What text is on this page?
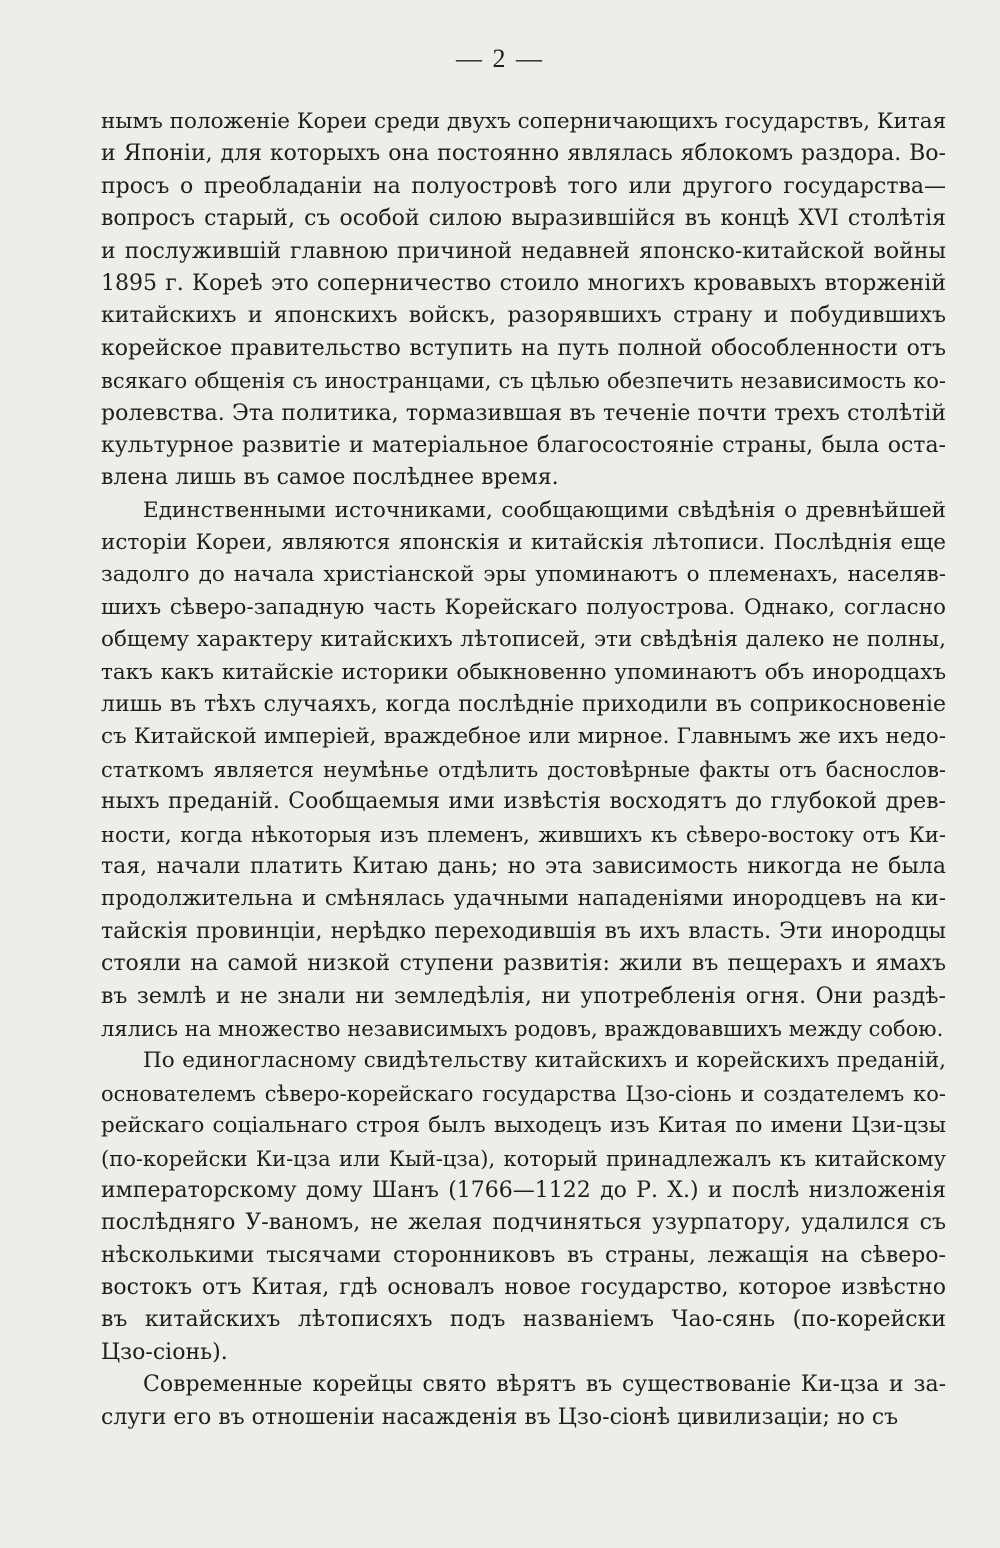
— 2 —
нымъ положеніе Кореи среди двухъ соперничающихъ государствъ, Китая
и Японіи, для которыхъ она постоянно являлась яблокомъ раздора. Во-
просъ о преобладаніи на полуостровѣ того или другого государства—
вопросъ старый, съ особой силою выразившійся въ концѣ XVI столѣтія
и послужившій главною причиной недавней японско-китайской войны
1895 г. Кореѣ это соперничество стоило многихъ кровавыхъ вторженій
китайскихъ и японскихъ войскъ, разорявшихъ страну и побудившихъ
корейское правительство вступить на путь полной обособленности отъ
всякаго общенія съ иностранцами, съ цѣлью обезпечить независимость ко-
ролевства. Эта политика, тормазившая въ теченіе почти трехъ столѣтій
культурное развитіе и матеріальное благосостояніе страны, была оста-
влена лишь въ самое послѣднее время.
Единственными источниками, сообщающими свѣдѣнія о древнѣйшей
исторіи Кореи, являются японскія и китайскія лѣтописи. Послѣднія еще
задолго до начала христіанской эры упоминаютъ о племенахъ, населяв-
шихъ сѣверо-западную часть Корейскаго полуострова. Однако, согласно
общему характеру китайскихъ лѣтописей, эти свѣдѣнія далеко не полны,
такъ какъ китайскіе историки обыкновенно упоминаютъ объ инородцахъ
лишь въ тѣхъ случаяхъ, когда послѣдніе приходили въ соприкосновеніе
съ Китайской имперіей, враждебное или мирное. Главнымъ же ихъ недо-
статкомъ является неумѣнье отдѣлить достовѣрные факты отъ баснослов-
ныхъ преданій. Сообщаемыя ими извѣстія восходятъ до глубокой древ-
ности, когда нѣкоторыя изъ племенъ, жившихъ къ сѣверо-востоку отъ Ки-
тая, начали платить Китаю дань; но эта зависимость никогда не была
продолжительна и смѣнялась удачными нападеніями инородцевъ на ки-
тайскія провинціи, нерѣдко переходившія въ ихъ власть. Эти инородцы
стояли на самой низкой ступени развитія: жили въ пещерахъ и ямахъ
въ землѣ и не знали ни земледѣлія, ни употребленія огня. Они раздѣ-
лялись на множество независимыхъ родовъ, враждовавшихъ между собою.
По единогласному свидѣтельству китайскихъ и корейскихъ преданій,
основателемъ сѣверо-корейскаго государства Цзо-сіонь и создателемъ ко-
рейскаго соціальнаго строя былъ выходецъ изъ Китая по имени Цзи-цзы
(по-корейски Ки-цза или Кый-цза), который принадлежалъ къ китайскому
императорскому дому Шанъ (1766—1122 до Р. Х.) и послѣ низложенія
послѣдняго У-ваномъ, не желая подчиняться узурпатору, удалился съ
нѣсколькими тысячами сторонниковъ въ страны, лежащія на сѣверо-
востокъ отъ Китая, гдѣ основалъ новое государство, которое извѣстно
въ китайскихъ лѣтописяхъ подъ названіемъ Чао-сянь (по-корейски
Цзо-сіонь).
Современные корейцы свято вѣрятъ въ существованіе Ки-цза и за-
слуги его въ отношеніи насажденія въ Цзо-сіонѣ цивилизаціи; но съ
